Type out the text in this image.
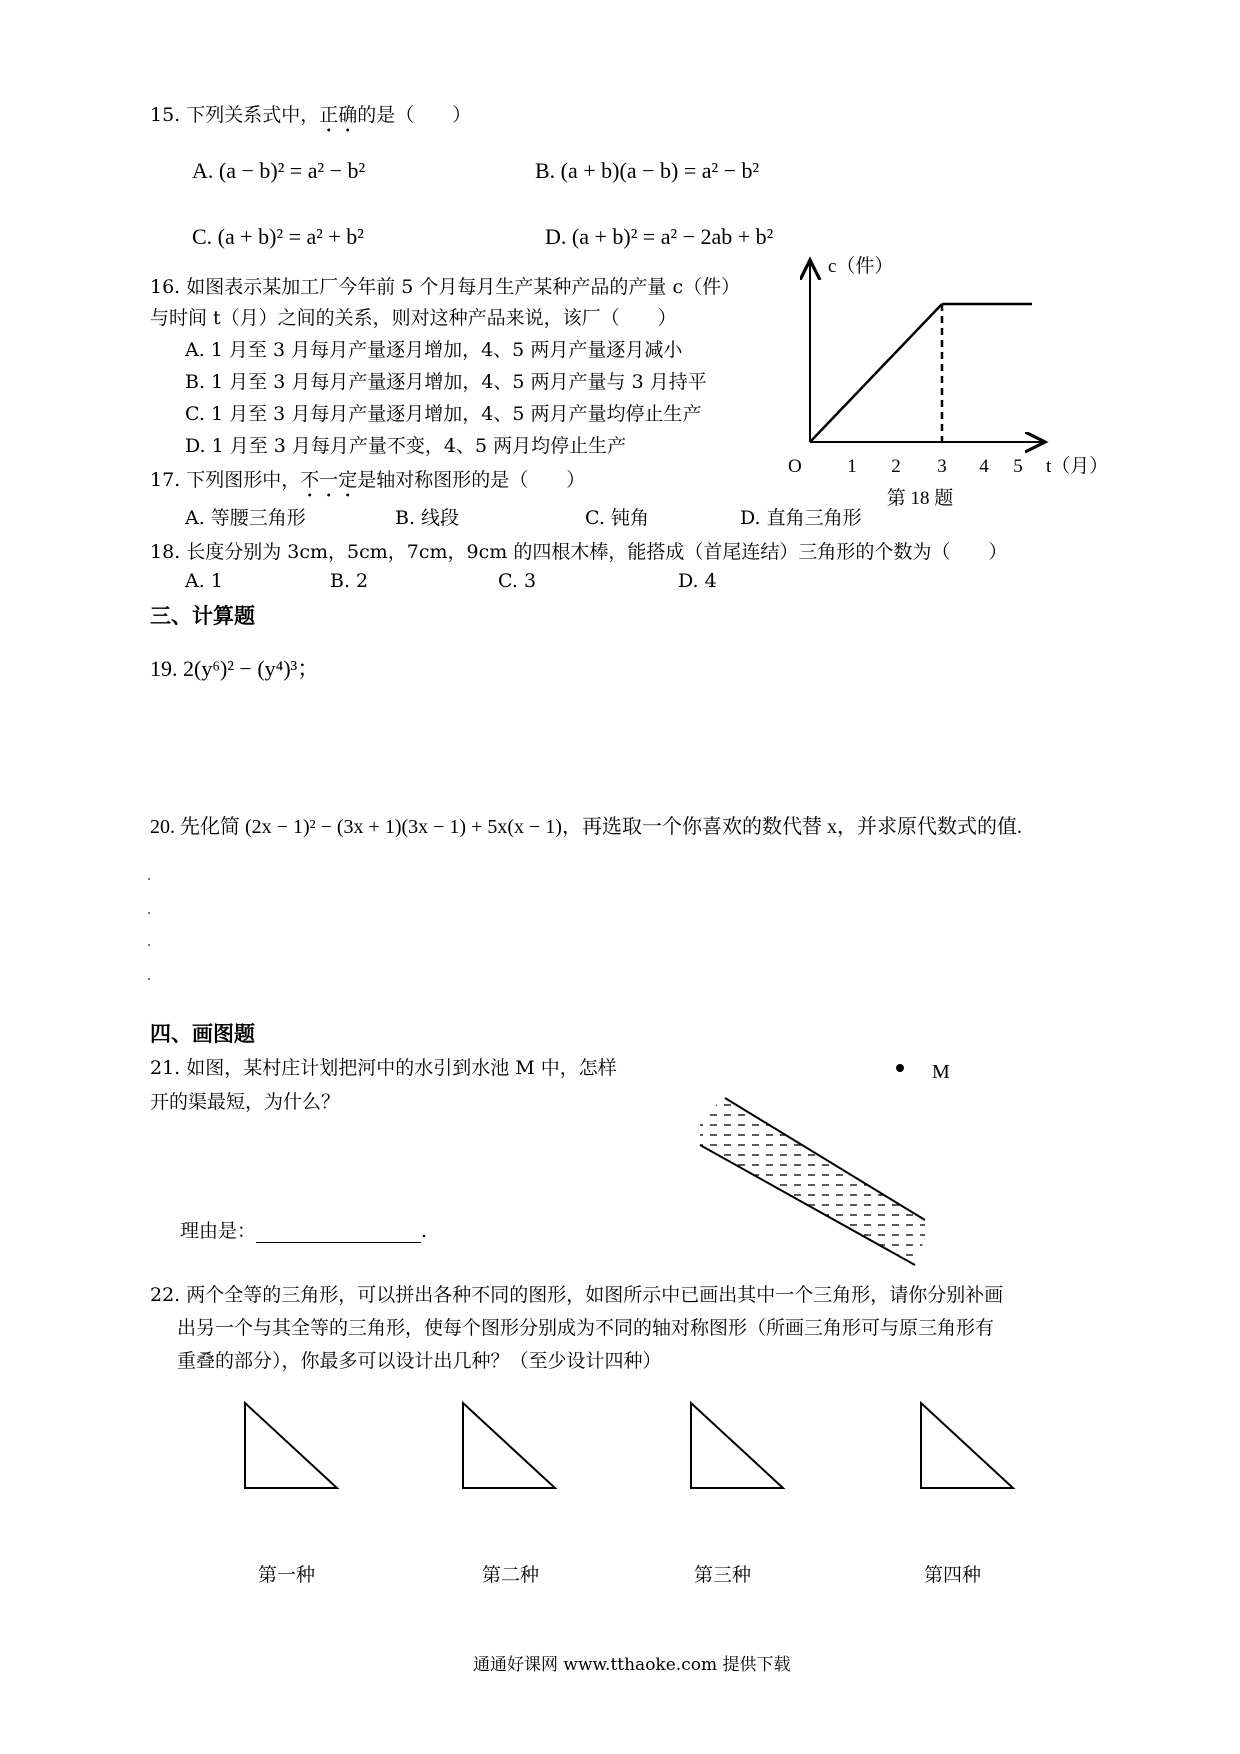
15. 下列关系式中，正确的是（　　）
A. (a − b)² = a² − b²	B. (a + b)(a − b) = a² − b²
C. (a + b)² = a² + b²	D. (a + b)² = a² − 2ab + b²
16. 如图表示某加工厂今年前 5 个月每月生产某种产品的产量 c（件）
与时间 t（月）之间的关系，则对这种产品来说，该厂（　　）
A. 1 月至 3 月每月产量逐月增加，4、5 两月产量逐月减小
B. 1 月至 3 月每月产量逐月增加，4、5 两月产量与 3 月持平
C. 1 月至 3 月每月产量逐月增加，4、5 两月产量均停止生产
D. 1 月至 3 月每月产量不变，4、5 两月均停止生产
c（件）
O 1 2 3 4 5 t（月）
第 18 题
17. 下列图形中，不一定是轴对称图形的是（　　）
A. 等腰三角形	B. 线段	C. 钝角	D. 直角三角形
18. 长度分别为 3cm，5cm，7cm，9cm 的四根木棒，能搭成（首尾连结）三角形的个数为（　　）
A. 1	B. 2	C. 3	D. 4
三、计算题
19. 2(y⁶)² − (y⁴)³；
20. 先化简 (2x − 1)² − (3x + 1)(3x − 1) + 5x(x − 1)，再选取一个你喜欢的数代替 x，并求原代数式的值.
四、画图题
21. 如图，某村庄计划把河中的水引到水池 M 中，怎样
开的渠最短，为什么？
理由是：	.
M
22. 两个全等的三角形，可以拼出各种不同的图形，如图所示中已画出其中一个三角形，请你分别补画
出另一个与其全等的三角形，使每个图形分别成为不同的轴对称图形（所画三角形可与原三角形有
重叠的部分），你最多可以设计出几种？（至少设计四种）
第一种	第二种	第三种	第四种
通通好课网 www.tthaoke.com 提供下载
